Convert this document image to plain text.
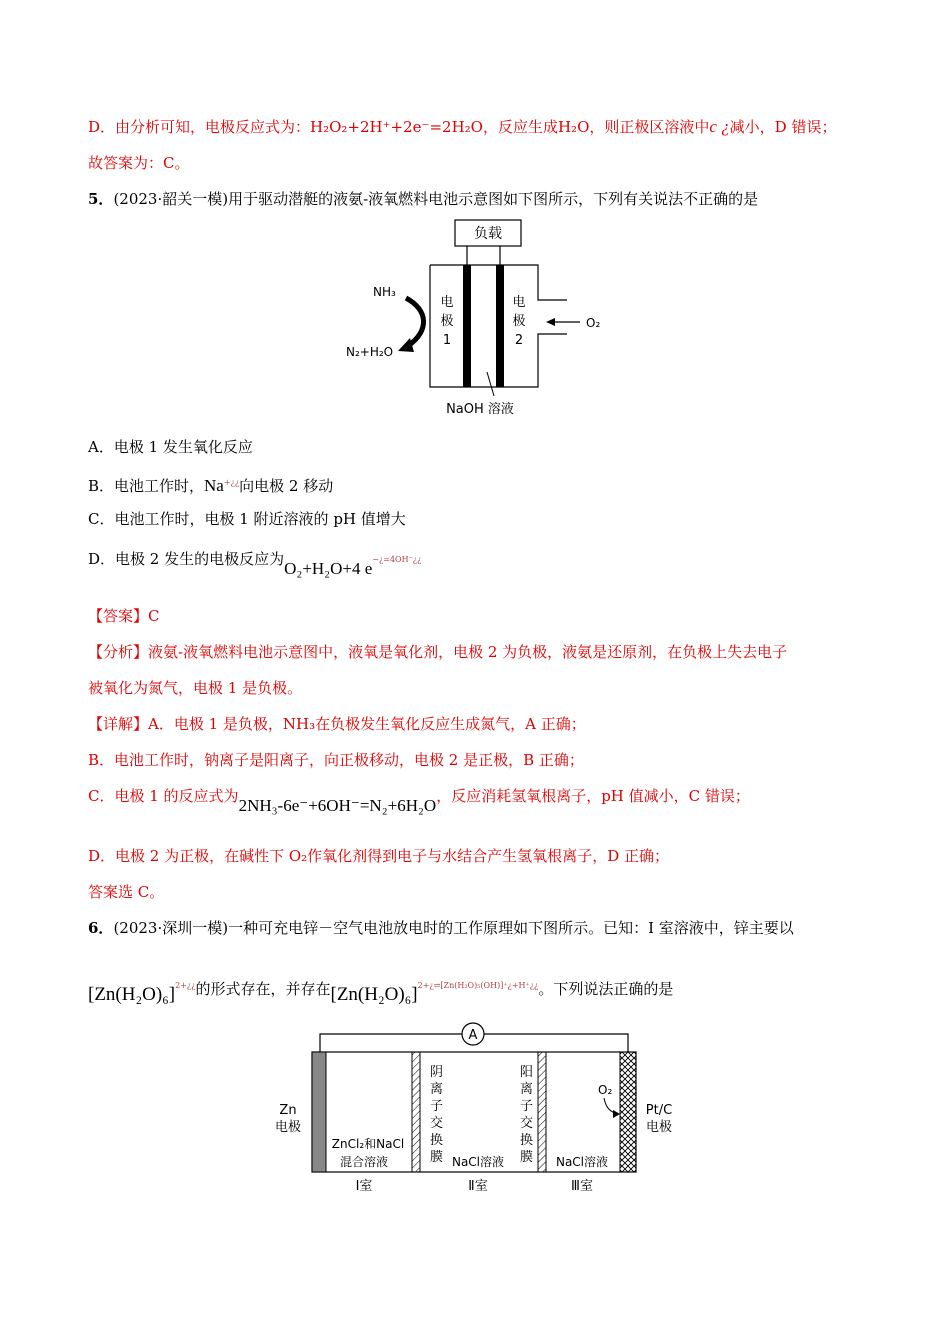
D．由分析可知，电极反应式为：H₂O₂+2H⁺+2e⁻=2H₂O，反应生成H₂O，则正极区溶液中c ¿减小，D 错误；
故答案为：C。
5．(2023·韶关一模)用于驱动潜艇的液氨-液氧燃料电池示意图如下图所示，下列有关说法不正确的是
负载
电
极
1
电
极
2
NH₃
N₂+H₂O
O₂
NaOH 溶液
A．电极 1 发生氧化反应
B．电池工作时，Na+¿¿向电极 2 移动
C．电池工作时，电极 1 附近溶液的 pH 值增大
D．电极 2 发生的电极反应为O₂+H₂O+4 $e^{-¿=4OH^-¿¿}$
【答案】C
【分析】液氨-液氧燃料电池示意图中，液氧是氧化剂，电极 2 为负极，液氨是还原剂，在负极上失去电子
被氧化为氮气，电极 1 是负极。
【详解】A．电极 1 是负极，NH₃在负极发生氧化反应生成氮气，A 正确；
B．电池工作时，钠离子是阳离子，向正极移动，电极 2 是正极，B 正确；
C．电极 1 的反应式为2NH₃-6e⁻+6OH⁻=N₂+6H₂O，反应消耗氢氧根离子，pH 值减小，C 错误；
D．电极 2 为正极，在碱性下 O₂作氧化剂得到电子与水结合产生氢氧根离子，D 正确；
答案选 C。
6．(2023·深圳一模)一种可充电锌－空气电池放电时的工作原理如下图所示。已知：I 室溶液中，锌主要以
$[Zn(H_2O)_6]^{2+¿¿}$的形式存在，并存在$[Zn(H_2O)_6]^{2+¿\rightleftharpoons[Zn(H_2O)_5(OH)]^+¿+H^+¿¿}$。下列说法正确的是
A
Zn
电极
Pt/C
电极
O₂
阴
离
子
交
换
膜
阳
离
子
交
换
膜
ZnCl₂和NaCl
混合溶液	NaCl溶液	NaCl溶液
Ⅰ室	Ⅱ室	Ⅲ室
